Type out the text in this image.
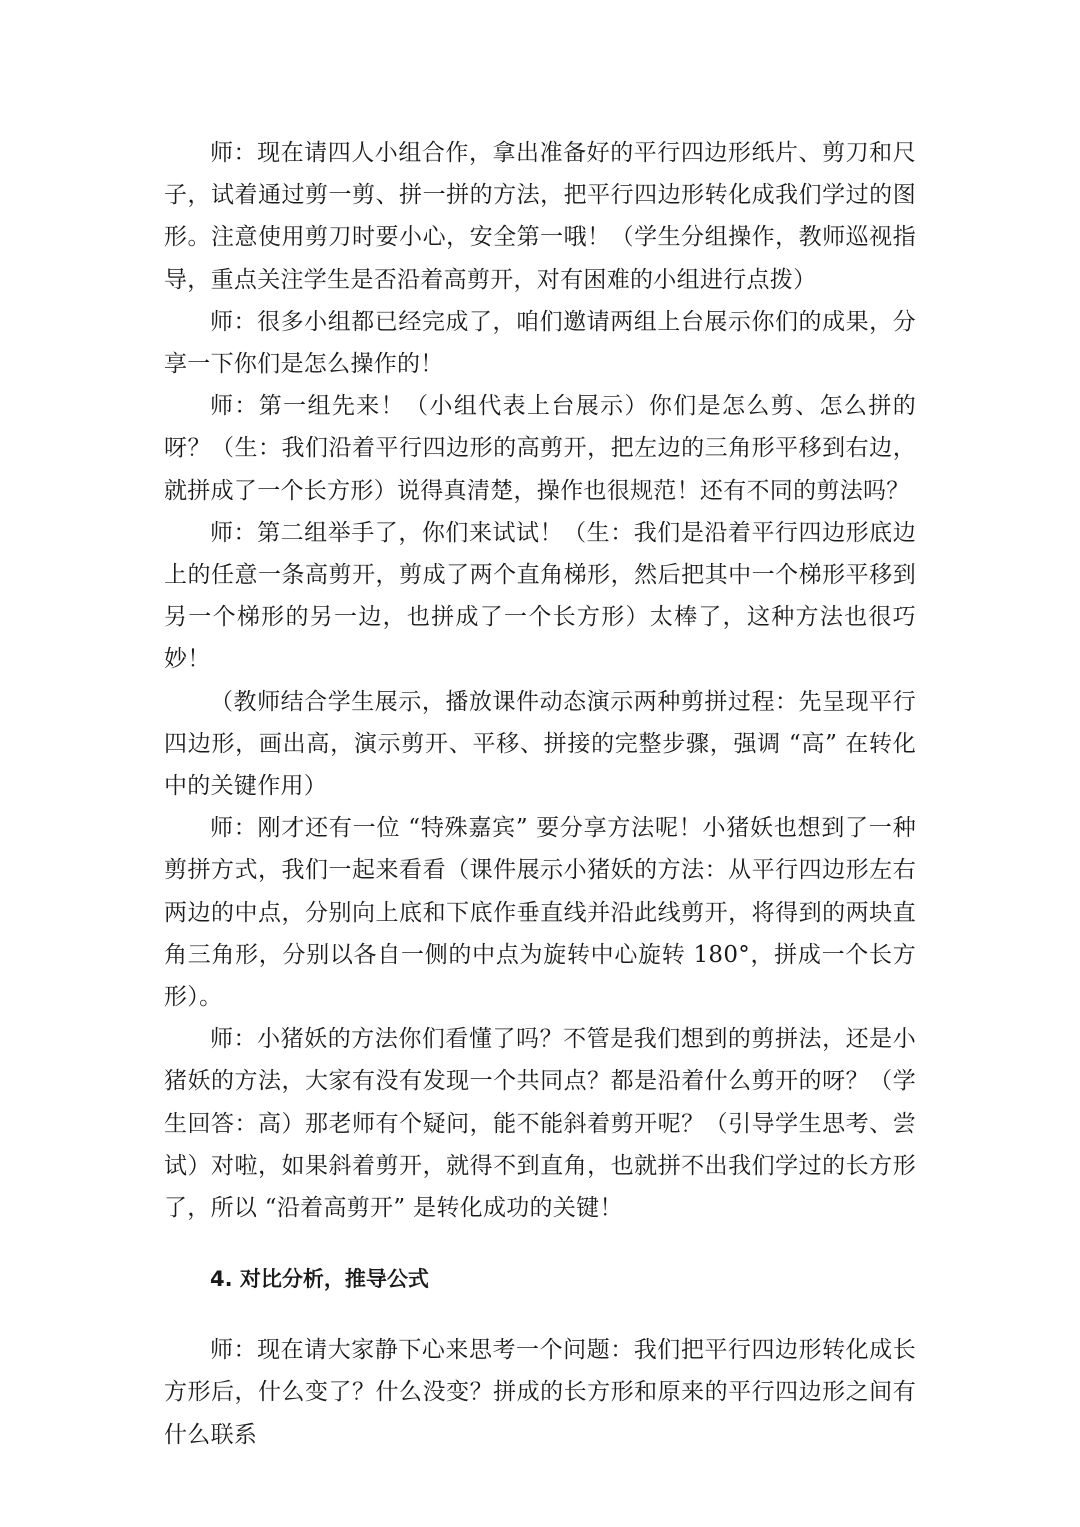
师：现在请四人小组合作，拿出准备好的平行四边形纸片、剪刀和尺子，试着通过剪一剪、拼一拼的方法，把平行四边形转化成我们学过的图形。注意使用剪刀时要小心，安全第一哦！（学生分组操作，教师巡视指导，重点关注学生是否沿着高剪开，对有困难的小组进行点拨）

师：很多小组都已经完成了，咱们邀请两组上台展示你们的成果，分享一下你们是怎么操作的！

师：第一组先来！（小组代表上台展示）你们是怎么剪、怎么拼的呀？（生：我们沿着平行四边形的高剪开，把左边的三角形平移到右边，就拼成了一个长方形）说得真清楚，操作也很规范！还有不同的剪法吗？

师：第二组举手了，你们来试试！（生：我们是沿着平行四边形底边上的任意一条高剪开，剪成了两个直角梯形，然后把其中一个梯形平移到另一个梯形的另一边，也拼成了一个长方形）太棒了，这种方法也很巧妙！

（教师结合学生展示，播放课件动态演示两种剪拼过程：先呈现平行四边形，画出高，演示剪开、平移、拼接的完整步骤，强调 “高” 在转化中的关键作用）

师：刚才还有一位 “特殊嘉宾” 要分享方法呢！小猪妖也想到了一种剪拼方式，我们一起来看看（课件展示小猪妖的方法：从平行四边形左右两边的中点，分别向上底和下底作垂直线并沿此线剪开，将得到的两块直角三角形，分别以各自一侧的中点为旋转中心旋转 180°，拼成一个长方形）。

师：小猪妖的方法你们看懂了吗？不管是我们想到的剪拼法，还是小猪妖的方法，大家有没有发现一个共同点？都是沿着什么剪开的呀？（学生回答：高）那老师有个疑问，能不能斜着剪开呢？（引导学生思考、尝试）对啦，如果斜着剪开，就得不到直角，也就拼不出我们学过的长方形了，所以 “沿着高剪开” 是转化成功的关键！

4. 对比分析，推导公式

师：现在请大家静下心来思考一个问题：我们把平行四边形转化成长方形后，什么变了？什么没变？拼成的长方形和原来的平行四边形之间有什么联系
